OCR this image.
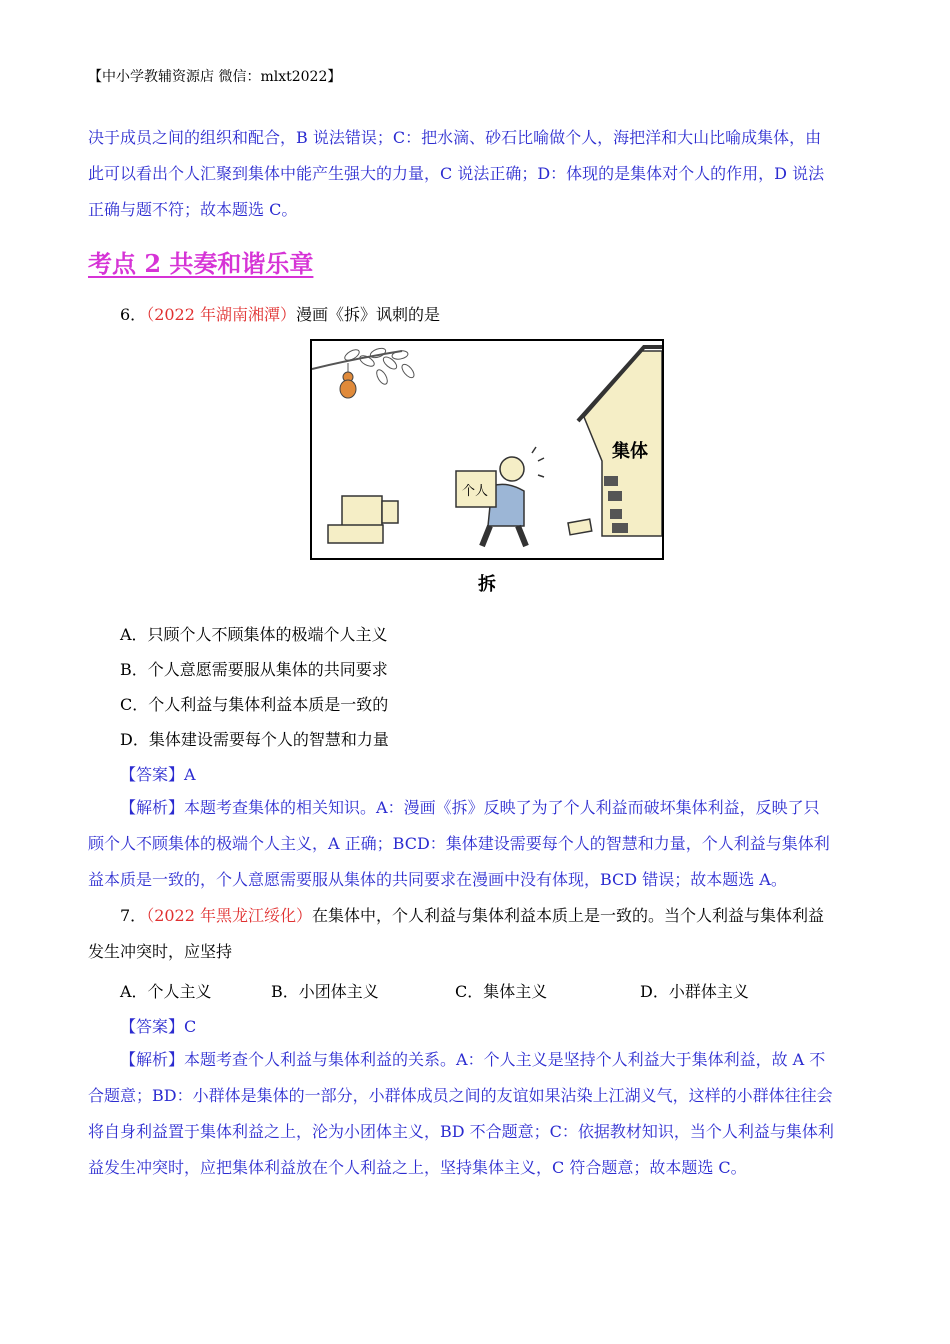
【中小学教辅资源店 微信：mlxt2022】
决于成员之间的组织和配合，B 说法错误；C：把水滴、砂石比喻做个人，海把洋和大山比喻成集体，由
此可以看出个人汇聚到集体中能产生强大的力量，C 说法正确；D：体现的是集体对个人的作用，D 说法
正确与题不符；故本题选 C。
考点 2 共奏和谐乐章
6．（2022 年湖南湘潭）漫画《拆》讽刺的是
集体
个人
拆
A．只顾个人不顾集体的极端个人主义
B．个人意愿需要服从集体的共同要求
C．个人利益与集体利益本质是一致的
D．集体建设需要每个人的智慧和力量
【答案】A
【解析】本题考查集体的相关知识。A：漫画《拆》反映了为了个人利益而破坏集体利益，反映了只
顾个人不顾集体的极端个人主义，A 正确；BCD：集体建设需要每个人的智慧和力量，个人利益与集体利
益本质是一致的，个人意愿需要服从集体的共同要求在漫画中没有体现，BCD 错误；故本题选 A。
7．（2022 年黑龙江绥化）在集体中，个人利益与集体利益本质上是一致的。当个人利益与集体利益
发生冲突时，应坚持
A．个人主义	B．小团体主义	C．集体主义	D．小群体主义
【答案】C
【解析】本题考查个人利益与集体利益的关系。A：个人主义是坚持个人利益大于集体利益，故 A 不
合题意；BD：小群体是集体的一部分，小群体成员之间的友谊如果沾染上江湖义气，这样的小群体往往会
将自身利益置于集体利益之上，沦为小团体主义，BD 不合题意；C：依据教材知识，当个人利益与集体利
益发生冲突时，应把集体利益放在个人利益之上，坚持集体主义，C 符合题意；故本题选 C。
